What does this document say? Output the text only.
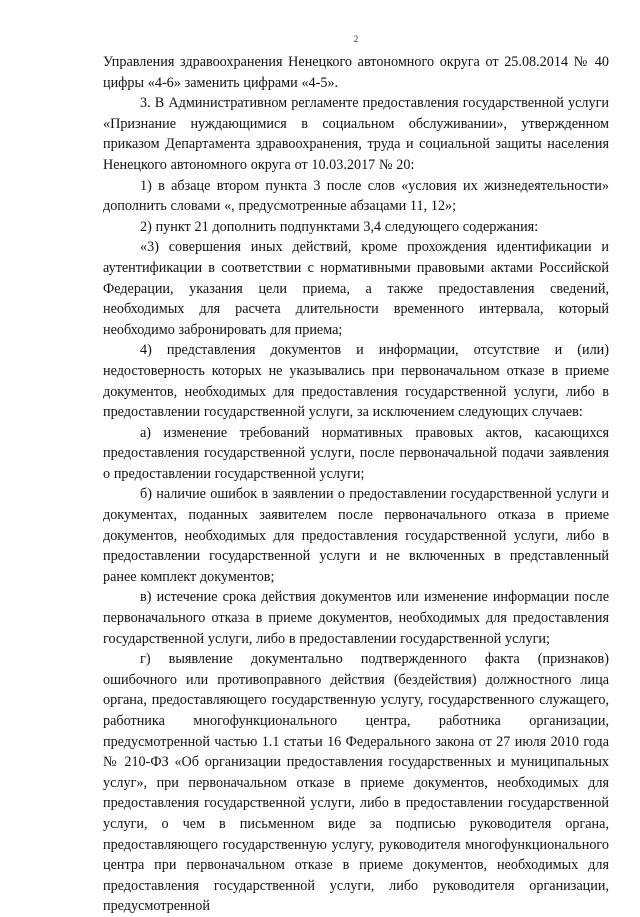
2

Управления здравоохранения Ненецкого автономного округа от 25.08.2014 № 40 цифры «4-6» заменить цифрами «4-5».

3. В Административном регламенте предоставления государственной услуги «Признание нуждающимися в социальном обслуживании», утвержденном приказом Департамента здравоохранения, труда и социальной защиты населения Ненецкого автономного округа от 10.03.2017 № 20:

1) в абзаце втором пункта 3 после слов «условия их жизнедеятельности» дополнить словами «, предусмотренные абзацами 11, 12»;

2) пункт 21 дополнить подпунктами 3,4 следующего содержания:

«3) совершения иных действий, кроме прохождения идентификации и аутентификации в соответствии с нормативными правовыми актами Российской Федерации, указания цели приема, а также предоставления сведений, необходимых для расчета длительности временного интервала, который необходимо забронировать для приема;

4) представления документов и информации, отсутствие и (или) недостоверность которых не указывались при первоначальном отказе в приеме документов, необходимых для предоставления государственной услуги, либо в предоставлении государственной услуги, за исключением следующих случаев:

а) изменение требований нормативных правовых актов, касающихся предоставления государственной услуги, после первоначальной подачи заявления о предоставлении государственной услуги;

б) наличие ошибок в заявлении о предоставлении государственной услуги и документах, поданных заявителем после первоначального отказа в приеме документов, необходимых для предоставления государственной услуги, либо в предоставлении государственной услуги и не включенных в представленный ранее комплект документов;

в) истечение срока действия документов или изменение информации после первоначального отказа в приеме документов, необходимых для предоставления государственной услуги, либо в предоставлении государственной услуги;

г) выявление документально подтвержденного факта (признаков) ошибочного или противоправного действия (бездействия) должностного лица органа, предоставляющего государственную услугу, государственного служащего, работника многофункционального центра, работника организации, предусмотренной частью 1.1 статьи 16 Федерального закона от 27 июля 2010 года № 210-ФЗ «Об организации предоставления государственных и муниципальных услуг», при первоначальном отказе в приеме документов, необходимых для предоставления государственной услуги, либо в предоставлении государственной услуги, о чем в письменном виде за подписью руководителя органа, предоставляющего государственную услугу, руководителя многофункционального центра при первоначальном отказе в приеме документов, необходимых для предоставления государственной услуги, либо руководителя организации, предусмотренной
